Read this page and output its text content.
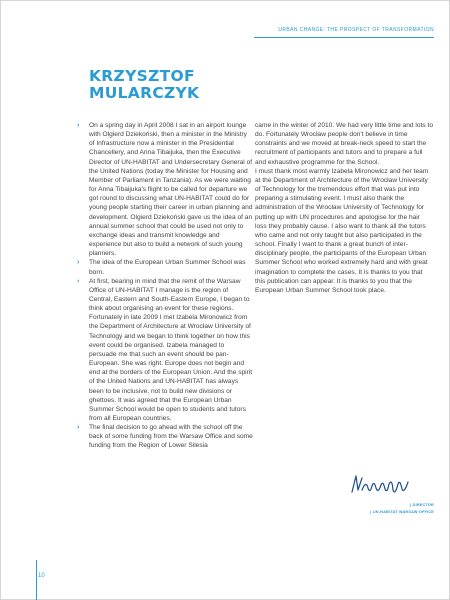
URBAN CHANGE: THE PROSPECT OF TRANSFORMATION
KRZYSZTOF
MULARCZYK

› On a spring day in April 2008 I sat in an airport lounge with Olgierd Dziekoński, then a minister in the Ministry of Infrastructure now a minister in the Presidential Chancellery, and Anna Tibaijuka, then the Executive Director of UN-HABITAT and Undersecretary General of the United Nations (today the Minister for Housing and Member of Parliament in Tanzania). As we were waiting for Anna Tibaijuka's flight to be called for departure we got round to discussing what UN-HABITAT could do for young people starting their career in urban planning and development. Olgierd Dziekoński gave us the idea of an annual summer school that could be used not only to exchange ideas and transmit knowledge and experience but also to build a network of such young planners.

› The idea of the European Urban Summer School was born.

› At first, bearing in mind that the remit of the Warsaw Office of UN-HABITAT I manage is the region of Central, Eastern and South-Eastern Europe, I began to think about organising an event for these regions. Fortunately in late 2009 I met Izabela Mironowicz from the Department of Architecture at Wrocław University of Technology and we began to think together on how this event could be organised. Izabela managed to persuade me that such an event should be pan-European. She was right. Europe does not begin and end at the borders of the European Union. And the spirit of the United Nations and UN-HABITAT has always been to be inclusive, not to build new divisions or ghettoes. It was agreed that the European Urban Summer School would be open to students and tutors from all European countries.

› The final decision to go ahead with the school off the back of some funding from the Warsaw Office and some funding from the Region of Lower Silesia

came in the winter of 2010. We had very little time and lots to do. Fortunately Wrocław people don't believe in time constraints and we moved at break-neck speed to start the recruitment of participants and tutors and to prepare a full and exhaustive programme for the School.

I must thank most warmly Izabela Mironowicz and her team at the Department of Architecture of the Wrocław University of Technology for the tremendous effort that was put into preparing a stimulating event. I must also thank the administration of the Wrocław University of Technology for putting up with UN procedures and apologise for the hair loss they probably cause. I also want to thank all the tutors who came and not only taught but also participated in the school. Finally I want to thank a great bunch of inter-disciplinary people, the participants of the European Urban Summer School who worked extremely hard and with great imagination to complete the cases. It is thanks to you that this publication can appear. It is thanks to you that the European Urban Summer School took place.

| DIRECTOR
| UN-HABITAT WARSAW OFFICE
10
